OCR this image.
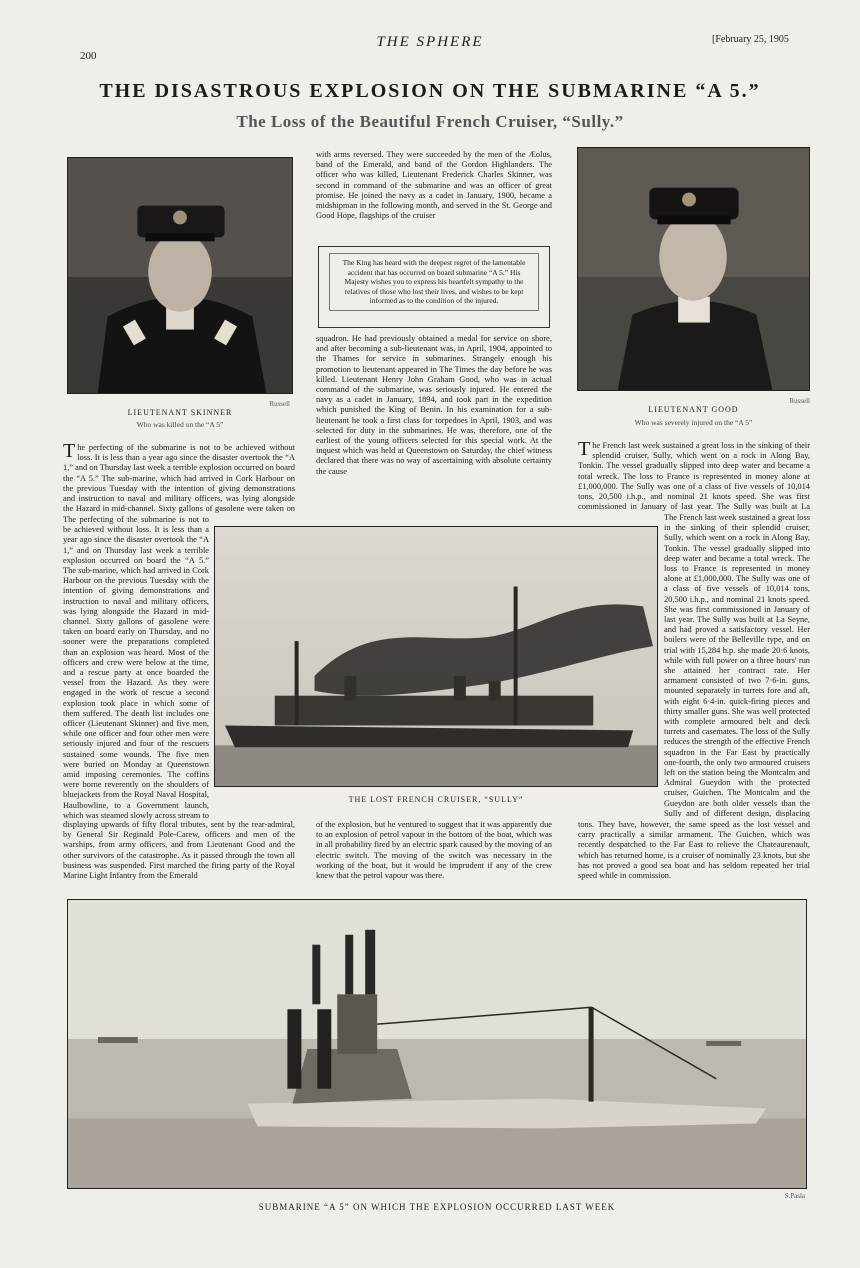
200
THE SPHERE	[February 25, 1905
THE DISASTROUS EXPLOSION ON THE SUBMARINE “A 5.”
The Loss of the Beautiful French Cruiser, “Sully.”
Russell
LIEUTENANT SKINNER
Who was killed on the “A 5”
Russell
LIEUTENANT GOOD
Who was severely injured on the “A 5”
with arms reversed. They were succeeded by the men of the Æolus, band of the Emerald, and band of the Gordon Highlanders. The officer who was killed, Lieutenant Frederick Charles Skinner, was second in command of the submarine and was an officer of great promise. He joined the navy as a cadet in January, 1900, became a midshipman in the following month, and served in the St. George and Good Hope, flagships of the cruiser
The King has heard with the deepest regret of the lamentable accident that has occurred on board submarine “A 5.” His Majesty wishes you to express his heartfelt sympathy to the relatives of those who lost their lives, and wishes to be kept informed as to the condition of the injured.
squadron. He had previously obtained a medal for service on shore, and after becoming a sub-lieutenant was, in April, 1904, appointed to the Thames for service in submarines. Strangely enough his promotion to lieutenant appeared in The Times the day before he was killed. Lieutenant Henry John Graham Good, who was in actual command of the submarine, was seriously injured. He entered the navy as a cadet in January, 1894, and took part in the expedition which punished the King of Benin. In his examination for a sub-lieutenant he took a first class for torpedoes in April, 1903, and was selected for duty in the submarines. He was, therefore, one of the earliest of the young officers selected for this special work. At the inquest which was held at Queenstown on Saturday, the chief witness declared that there was no way of ascertaining with absolute certainty the cause
The perfecting of the submarine is not to be achieved without loss. It is less than a year ago since the disaster overtook the “A 1,” and on Thursday last week a terrible explosion occurred on board the “A 5.” The sub-marine, which had arrived in Cork Harbour on the previous Tuesday with the intention of giving demonstrations and instruction to naval and military officers, was lying alongside the Hazard in mid-channel. Sixty gallons of gasolene were taken on
The perfecting of the submarine is not to be achieved without loss. It is less than a year ago since the disaster overtook the “A 1,” and on Thursday last week a terrible explosion occurred on board the “A 5.” The sub-marine, which had arrived in Cork Harbour on the previous Tuesday with the intention of giving demonstrations and instruction to naval and military officers, was lying alongside the Hazard in mid-channel. Sixty gallons of gasolene were taken on board early on Thursday, and no sooner were the preparations completed than an explosion was heard. Most of the officers and crew were below at the time, and a rescue party at once boarded the vessel from the Hazard. As they were engaged in the work of rescue a second explosion took place in which some of them suffered. The death list includes one officer (Lieutenant Skinner) and five men, while one officer and four other men were seriously injured and four of the rescuers sustained some wounds. The five men were buried on Monday at Queenstown amid imposing ceremonies. The coffins were borne reverently on the shoulders of bluejackets from the Royal Naval Hospital, Haulbowline, to a Government launch, which was steamed slowly across stream to
The French last week sustained a great loss in the sinking of their splendid cruiser, Sully, which went on a rock in Along Bay, Tonkin. The vessel gradually slipped into deep water and became a total wreck. The loss to France is represented in money alone at £1,000,000. The Sully was one of a class of five vessels of 10,014 tons, 20,500 i.h.p., and nominal 21 knots speed. She was first commissioned in January of last year. The Sully was built at La
The French last week sustained a great loss in the sinking of their splendid cruiser, Sully, which went on a rock in Along Bay, Tonkin. The vessel gradually slipped into deep water and became a total wreck. The loss to France is represented in money alone at £1,000,000. The Sully was one of a class of five vessels of 10,014 tons, 20,500 i.h.p., and nominal 21 knots speed. She was first commissioned in January of last year. The Sully was built at La Seyne, and had proved a satisfactory vessel. Her boilers were of the Belleville type, and on trial with 15,284 h.p. she made 20·6 knots, while with full power on a three hours' run she attained her contract rate. Her armament consisted of two 7·6-in. guns, mounted separately in turrets fore and aft, with eight 6·4-in. quick-firing pieces and thirty smaller guns. She was well protected with complete armoured belt and deck turrets and casemates. The loss of the Sully reduces the strength of the effective French squadron in the Far East by practically one-fourth, the only two armoured cruisers left on the station being the Montcalm and Admiral Gueydon with the protected cruiser, Guichen. The Montcalm and the Gueydon are both older vessels than the Sully and of different design, displacing
THE LOST FRENCH CRUISER, “SULLY”
displaying upwards of fifty floral tributes, sent by the rear-admiral, by General Sir Reginald Pole-Carew, officers and men of the warships, from army officers, and from Lieutenant Good and the other survivors of the catastrophe. As it passed through the town all business was suspended. First marched the firing party of the Royal Marine Light Infantry from the Emerald
of the explosion, but he ventured to suggest that it was apparently due to an explosion of petrol vapour in the bottom of the boat, which was in all probability fired by an electric spark caused by the moving of an electric switch. The moving of the switch was necessary in the working of the boat, but it would be imprudent if any of the crew knew that the petrol vapour was there.
tons. They have, however, the same speed as the lost vessel and carry practically a similar armament. The Guichen, which was recently despatched to the Far East to relieve the Chateaurenault, which has returned home, is a cruiser of nominally 23 knots, but she has not proved a good sea boat and has seldom repeated her trial speed while in commission.
S.Pasla
SUBMARINE “A 5” ON WHICH THE EXPLOSION OCCURRED LAST WEEK
